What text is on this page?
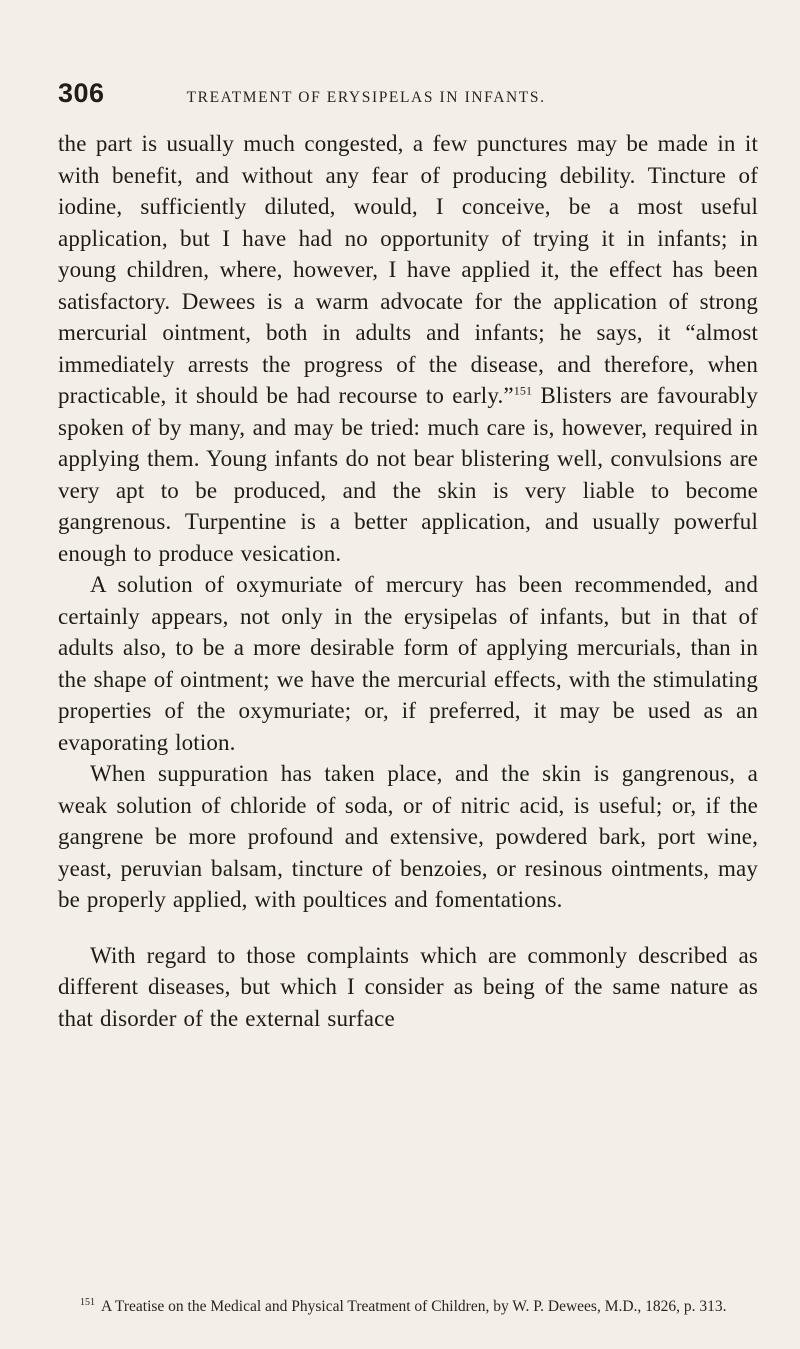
306	TREATMENT OF ERYSIPELAS IN INFANTS.

the part is usually much congested, a few punctures may be made in it with benefit, and without any fear of producing debility. Tincture of iodine, sufficiently diluted, would, I conceive, be a most useful application, but I have had no opportunity of trying it in infants; in young children, where, however, I have applied it, the effect has been satisfactory. Dewees is a warm advocate for the application of strong mercurial ointment, both in adults and infants; he says, it “almost immediately arrests the progress of the disease, and therefore, when practicable, it should be had recourse to early.”$^{151}$ Blisters are favourably spoken of by many, and may be tried: much care is, however, required in applying them. Young infants do not bear blistering well, convulsions are very apt to be produced, and the skin is very liable to become gangrenous. Turpentine is a better application, and usually powerful enough to produce vesication.

A solution of oxymuriate of mercury has been recommended, and certainly appears, not only in the erysipelas of infants, but in that of adults also, to be a more desirable form of applying mercurials, than in the shape of ointment; we have the mercurial effects, with the stimulating properties of the oxymuriate; or, if preferred, it may be used as an evaporating lotion.

When suppuration has taken place, and the skin is gangrenous, a weak solution of chloride of soda, or of nitric acid, is useful; or, if the gangrene be more profound and extensive, powdered bark, port wine, yeast, peruvian balsam, tincture of benzoies, or resinous ointments, may be properly applied, with poultices and fomentations.

With regard to those complaints which are commonly described as different diseases, but which I consider as being of the same nature as that disorder of the external surface

$^{151}$ A Treatise on the Medical and Physical Treatment of Children, by W. P. Dewees, M.D., 1826, p. 313.
